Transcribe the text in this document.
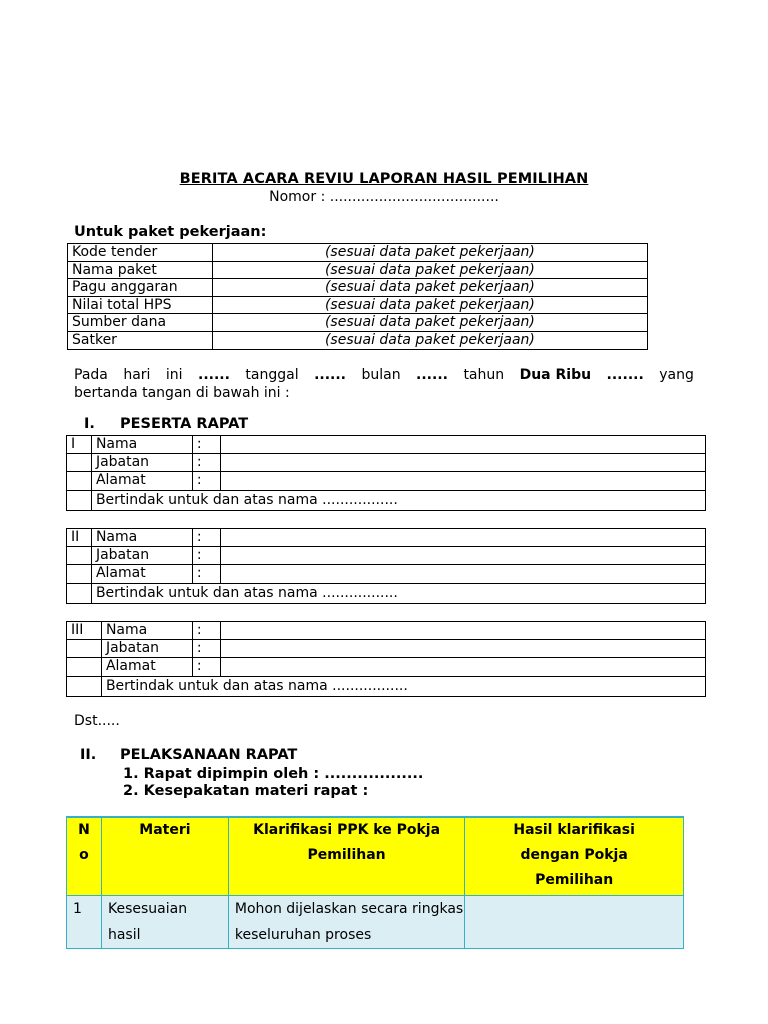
BERITA ACARA REVIU LAPORAN HASIL PEMILIHAN
Nomor : ......................................
Untuk paket pekerjaan:
Kode tender	(sesuai data paket pekerjaan)
Nama paket	(sesuai data paket pekerjaan)
Pagu anggaran	(sesuai data paket pekerjaan)
Nilai total HPS	(sesuai data paket pekerjaan)
Sumber dana	(sesuai data paket pekerjaan)
Satker	(sesuai data paket pekerjaan)
Pada hari ini ...... tanggal ...... bulan ...... tahun Dua Ribu ....... yang
bertanda tangan di bawah ini :
I. PESERTA RAPAT
I	Nama	:	
	Jabatan	:	
	Alamat	:	
	Bertindak untuk dan atas nama .................		
II	Nama	:	
	Jabatan	:	
	Alamat	:	
	Bertindak untuk dan atas nama .................		
III	Nama	:	
	Jabatan	:	
	Alamat	:	
	Bertindak untuk dan atas nama .................		
Dst.....
II. PELAKSANAAN RAPAT
1. Rapat dipimpin oleh : ..................
2. Kesepakatan materi rapat :
N o	Materi	Klarifikasi PPK ke Pokja Pemilihan	Hasil klarifikasi dengan Pokja Pemilihan
1	Kesesuaian hasil	Mohon dijelaskan secara ringkas keseluruhan proses	
